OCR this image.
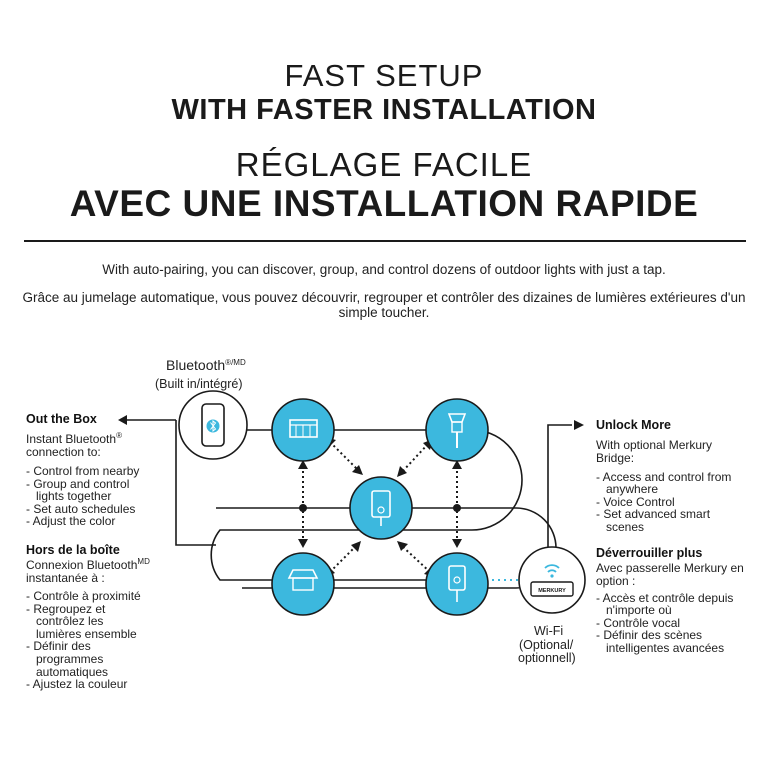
FAST SETUP
WITH FASTER INSTALLATION
RÉGLAGE FACILE
AVEC UNE INSTALLATION RAPIDE
With auto-pairing, you can discover, group, and control dozens of outdoor lights with just a tap.
Grâce au jumelage automatique, vous pouvez découvrir, regrouper et contrôler des dizaines de lumières extérieures d'un simple toucher.
MERKURY
Bluetooth$^{®/MD}$
(Built in/intégré)
Out the Box
Instant Bluetooth®
connection to:
- Control from nearby
- Group and control
lights together
- Set auto schedules
- Adjust the color
Hors de la boîte
Connexion Bluetooth$^{MD}$
instantanée à :
- Contrôle à proximité
- Regroupez et
contrôlez les
lumières ensemble
- Définir des
programmes
automatiques
- Ajustez la couleur
Unlock More
With optional Merkury
Bridge:
- Access and control from
anywhere
- Voice Control
- Set advanced smart
scenes
Déverrouiller plus
Avec passerelle Merkury en
option :
- Accès et contrôle depuis
n'importe où
- Contrôle vocal
- Définir des scènes
intelligentes avancées
Wi-Fi
(Optional/
optionnell)
